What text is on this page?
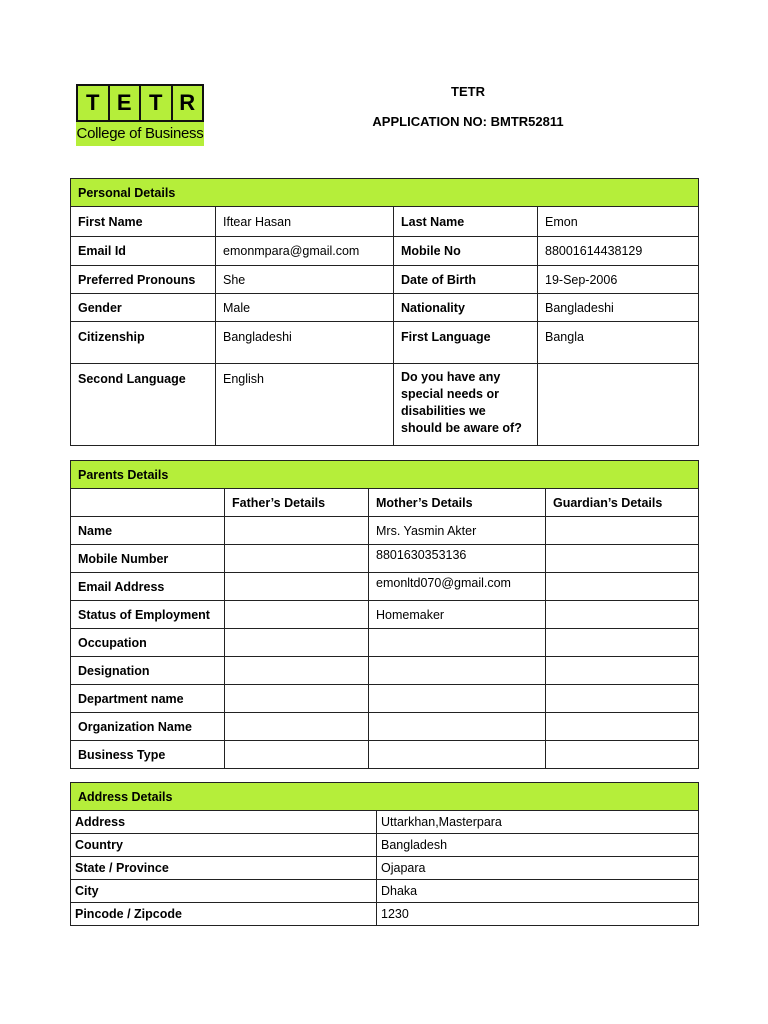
T E T R
College of Business
TETR
APPLICATION NO: BMTR52811
Personal Details			
First Name	Iftear Hasan	Last Name	Emon
Email Id	emonmpara@gmail.com	Mobile No	88001614438129
Preferred Pronouns	She	Date of Birth	19-Sep-2006
Gender	Male	Nationality	Bangladeshi
Citizenship	Bangladeshi	First Language	Bangla
Second Language	English	Do you have any special needs or disabilities we should be aware of?	
Parents Details			
	Father’s Details	Mother’s Details	Guardian’s Details
Name		Mrs. Yasmin Akter	
Mobile Number		8801630353136	
Email Address		emonltd070@gmail.com	
Status of Employment		Homemaker	
Occupation			
Designation			
Department name			
Organization Name			
Business Type			
Address Details	
Address	Uttarkhan,Masterpara
Country	Bangladesh
State / Province	Ojapara
City	Dhaka
Pincode / Zipcode	1230
